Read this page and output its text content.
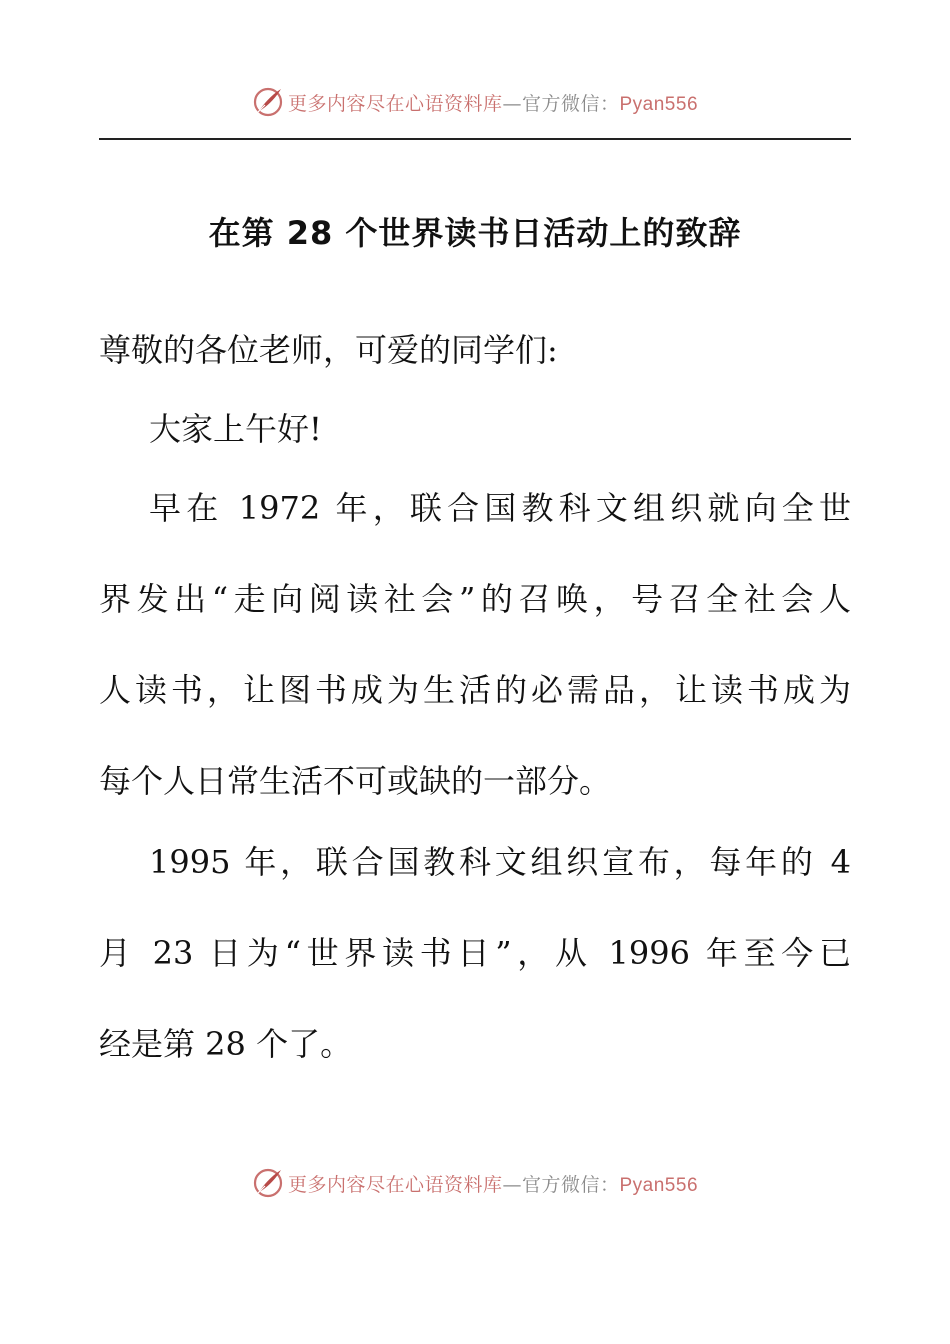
更多内容尽在心语资料库—官方微信：Pyan556
在第 28 个世界读书日活动上的致辞
尊敬的各位老师，可爱的同学们:
大家上午好!
早在 1972 年，联合国教科文组织就向全世
界发出“走向阅读社会”的召唤，号召全社会人
人读书，让图书成为生活的必需品，让读书成为
每个人日常生活不可或缺的一部分。
1995 年，联合国教科文组织宣布，每年的 4
月 23 日为“世界读书日”，从 1996 年至今已
经是第 28 个了。
更多内容尽在心语资料库—官方微信：Pyan556
